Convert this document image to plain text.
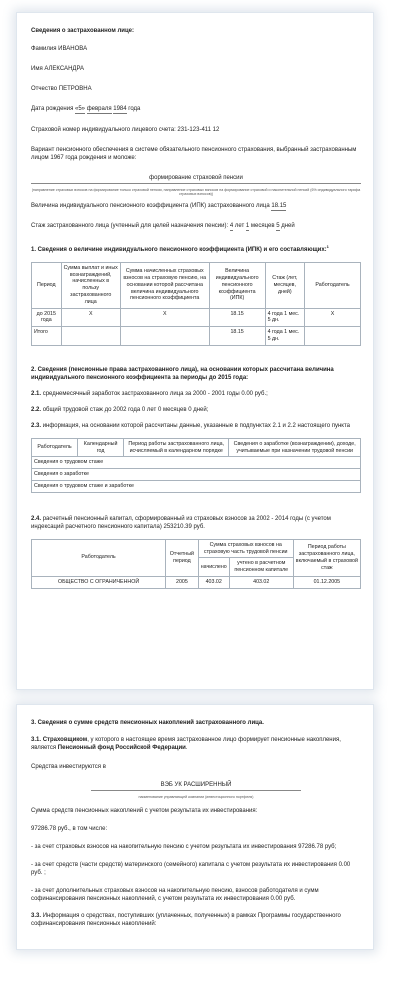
Сведения о застрахованном лице:

Фамилия ИВАНОВА

Имя АЛЕКСАНДРА

Отчество ПЕТРОВНА

Дата рождения «5» февраля 1984 года

Страховой номер индивидуального лицевого счета: 231-123-411 12

Вариант пенсионного обеспечения в системе обязательного пенсионного страхования, выбранный застрахованным лицом 1967 года рождения и моложе:

формирование страховой пенсии

(направление страховых взносов на формирование только страховой пенсии, направление страховых взносов на формирование страховой и накопительной пенсий (6% индивидуального тарифа страховых взносов))

Величина индивидуального пенсионного коэффициента (ИПК) застрахованного лица 18.15

Стаж застрахованного лица (учтенный для целей назначения пенсии): 4 лет 1 месяцев 5 дней

1. Сведения о величине индивидуального пенсионного коэффициента (ИПК) и его составляющих:$^1$

Период	Сумма выплат и иных вознаграждений, начисленных в пользу застрахованного лица	Сумма начисленных страховых взносов на страховую пенсию, на основании которой рассчитана величина индивидуального пенсионного коэффициента	Величина индивидуального пенсионного коэффициента (ИПК)	Стаж (лет, месяцев, дней)	Работодатель
до 2015 года	X	X	18.15	4 года 1 мес. 5 дн.	X
Итого			18.15	4 года 1 мес. 5 дн.	

2. Сведения (пенсионные права застрахованного лица), на основании которых рассчитана величина индивидуального пенсионного коэффициента за периоды до 2015 года:

2.1. среднемесячный заработок застрахованного лица за 2000 - 2001 годы 0.00 руб.;

2.2. общий трудовой стаж до 2002 года 0 лет 0 месяцев 0 дней;

2.3. информация, на основании которой рассчитаны данные, указанные в подпунктах 2.1 и 2.2 настоящего пункта

Работодатель	Календарный год	Период работы застрахованного лица, исчисляемый в календарном порядке	Сведения о заработке (вознаграждении), доходе, учитываемые при назначении трудовой пенсии
Сведения о трудовом стаже
Сведения о заработке
Сведения о трудовом стаже и заработке

2.4. расчетный пенсионный капитал, сформированный из страховых взносов за 2002 - 2014 годы (с учетом индексаций расчетного пенсионного капитала) 253210.39 руб.

Работодатель	Отчетный период	Сумма страховых взносов на страховую часть трудовой пенсии		Период работы застрахованного лица, включаемый в страховой стаж
		начислено	учтено в расчетном пенсионном капитале	
ОБЩЕСТВО С ОГРАНИЧЕННОЙ	2005	403.02	403.02	01.12.2005

3. Сведения о сумме средств пенсионных накоплений застрахованного лица.

3.1. Страховщиком, у которого в настоящее время застрахованное лицо формирует пенсионные накопления, является Пенсионный фонд Российской Федерации.

Средства инвестируются в

ВЭБ УК РАСШИРЕННЫЙ

наименование управляющей компании (инвестиционного портфеля)

Сумма средств пенсионных накоплений с учетом результата их инвестирования:

97286.78 руб., в том числе:

- за счет страховых взносов на накопительную пенсию с учетом результата их инвестирования 97286.78 руб;

- за счет средств (части средств) материнского (семейного) капитала с учетом результата их инвестирования 0.00 руб. ;

- за счет дополнительных страховых взносов на накопительную пенсию, взносов работодателя и сумм софинансирования пенсионных накоплений, с учетом результата их инвестирования 0.00 руб.

3.3. Информация о средствах, поступивших (уплаченных, полученных) в рамках Программы государственного софинансирования пенсионных накоплений:
